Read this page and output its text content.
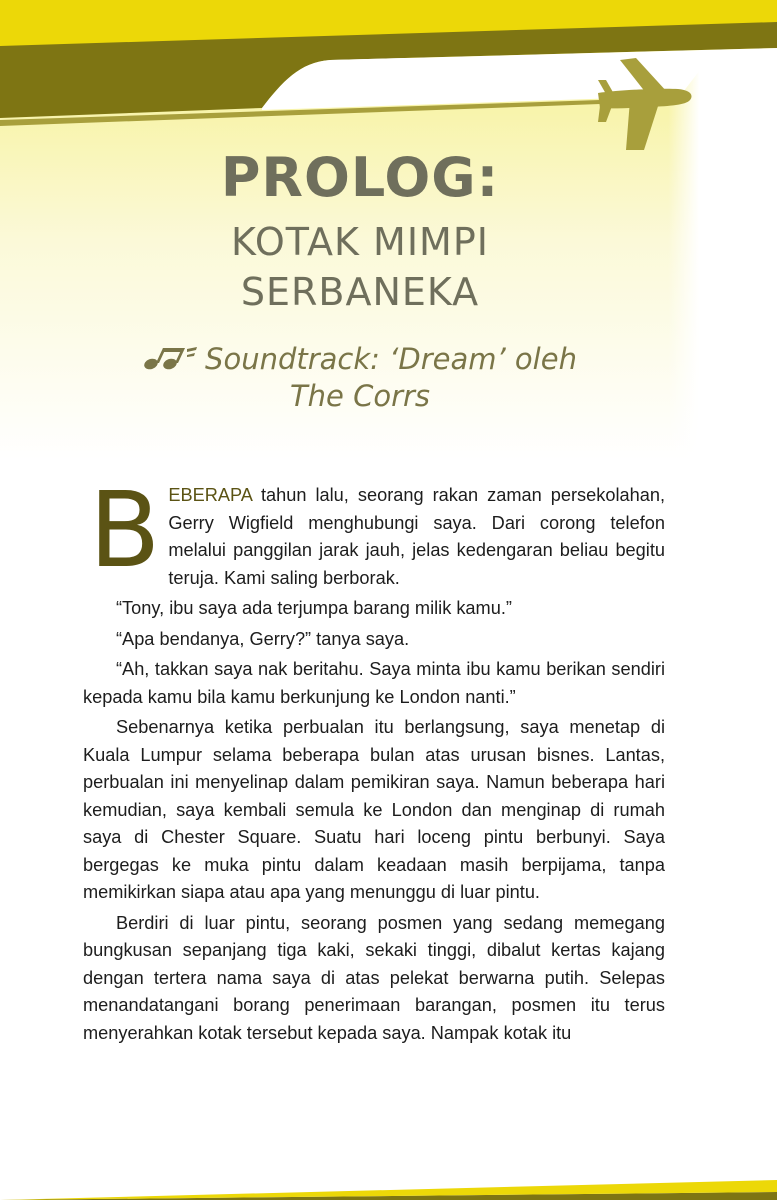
PROLOG:
KOTAK MIMPI
SERBANEKA
Soundtrack: ‘Dream’ oleh
The Corrs

BEBERAPA tahun lalu, seorang rakan zaman persekolahan, Gerry Wigfield menghubungi saya. Dari corong telefon melalui panggilan jarak jauh, jelas kedengaran beliau begitu teruja. Kami saling berborak.

“Tony, ibu saya ada terjumpa barang milik kamu.”

“Apa bendanya, Gerry?” tanya saya.

“Ah, takkan saya nak beritahu. Saya minta ibu kamu berikan sendiri kepada kamu bila kamu berkunjung ke London nanti.”

Sebenarnya ketika perbualan itu berlangsung, saya menetap di Kuala Lumpur selama beberapa bulan atas urusan bisnes. Lantas, perbualan ini menyelinap dalam pemikiran saya. Namun beberapa hari kemudian, saya kembali semula ke London dan menginap di rumah saya di Chester Square. Suatu hari loceng pintu berbunyi. Saya bergegas ke muka pintu dalam keadaan masih berpijama, tanpa memikirkan siapa atau apa yang menunggu di luar pintu.

Berdiri di luar pintu, seorang posmen yang sedang memegang bungkusan sepanjang tiga kaki, sekaki tinggi, dibalut kertas kajang dengan tertera nama saya di atas pelekat berwarna putih. Selepas menandatangani borang penerimaan barangan, posmen itu terus menyerahkan kotak tersebut kepada saya. Nampak kotak itu
